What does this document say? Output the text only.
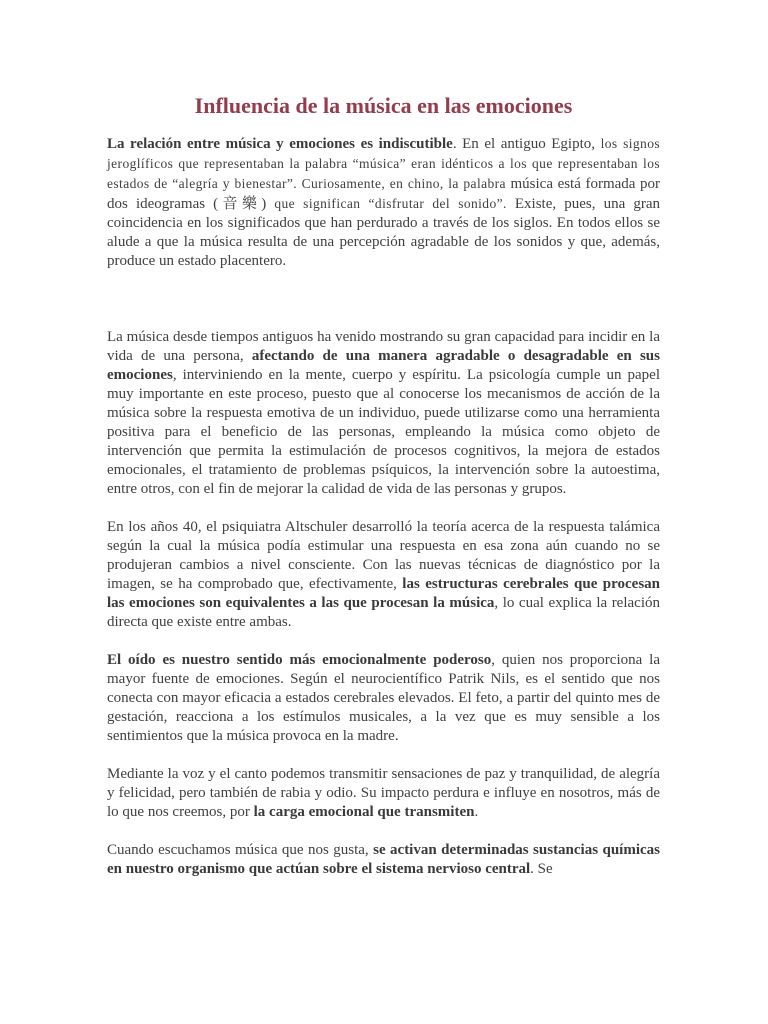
Influencia de la música en las emociones

La relación entre música y emociones es indiscutible. En el antiguo Egipto, los signos jeroglíficos que representaban la palabra “música” eran idénticos a los que representaban los estados de “alegría y bienestar”. Curiosamente, en chino, la palabra música está formada por dos ideogramas (音樂) que significan “disfrutar del sonido”. Existe, pues, una gran coincidencia en los significados que han perdurado a través de los siglos. En todos ellos se alude a que la música resulta de una percepción agradable de los sonidos y que, además, produce un estado placentero.

La música desde tiempos antiguos ha venido mostrando su gran capacidad para incidir en la vida de una persona, afectando de una manera agradable o desagradable en sus emociones, interviniendo en la mente, cuerpo y espíritu. La psicología cumple un papel muy importante en este proceso, puesto que al conocerse los mecanismos de acción de la música sobre la respuesta emotiva de un individuo, puede utilizarse como una herramienta positiva para el beneficio de las personas, empleando la música como objeto de intervención que permita la estimulación de procesos cognitivos, la mejora de estados emocionales, el tratamiento de problemas psíquicos, la intervención sobre la autoestima, entre otros, con el fin de mejorar la calidad de vida de las personas y grupos.

En los años 40, el psiquiatra Altschuler desarrolló la teoría acerca de la respuesta talámica según la cual la música podía estimular una respuesta en esa zona aún cuando no se produjeran cambios a nivel consciente. Con las nuevas técnicas de diagnóstico por la imagen, se ha comprobado que, efectivamente, las estructuras cerebrales que procesan las emociones son equivalentes a las que procesan la música, lo cual explica la relación directa que existe entre ambas.

El oído es nuestro sentido más emocionalmente poderoso, quien nos proporciona la mayor fuente de emociones. Según el neurocientífico Patrik Nils, es el sentido que nos conecta con mayor eficacia a estados cerebrales elevados. El feto, a partir del quinto mes de gestación, reacciona a los estímulos musicales, a la vez que es muy sensible a los sentimientos que la música provoca en la madre.

Mediante la voz y el canto podemos transmitir sensaciones de paz y tranquilidad, de alegría y felicidad, pero también de rabia y odio. Su impacto perdura e influye en nosotros, más de lo que nos creemos, por la carga emocional que transmiten.

Cuando escuchamos música que nos gusta, se activan determinadas sustancias químicas en nuestro organismo que actúan sobre el sistema nervioso central. Se
